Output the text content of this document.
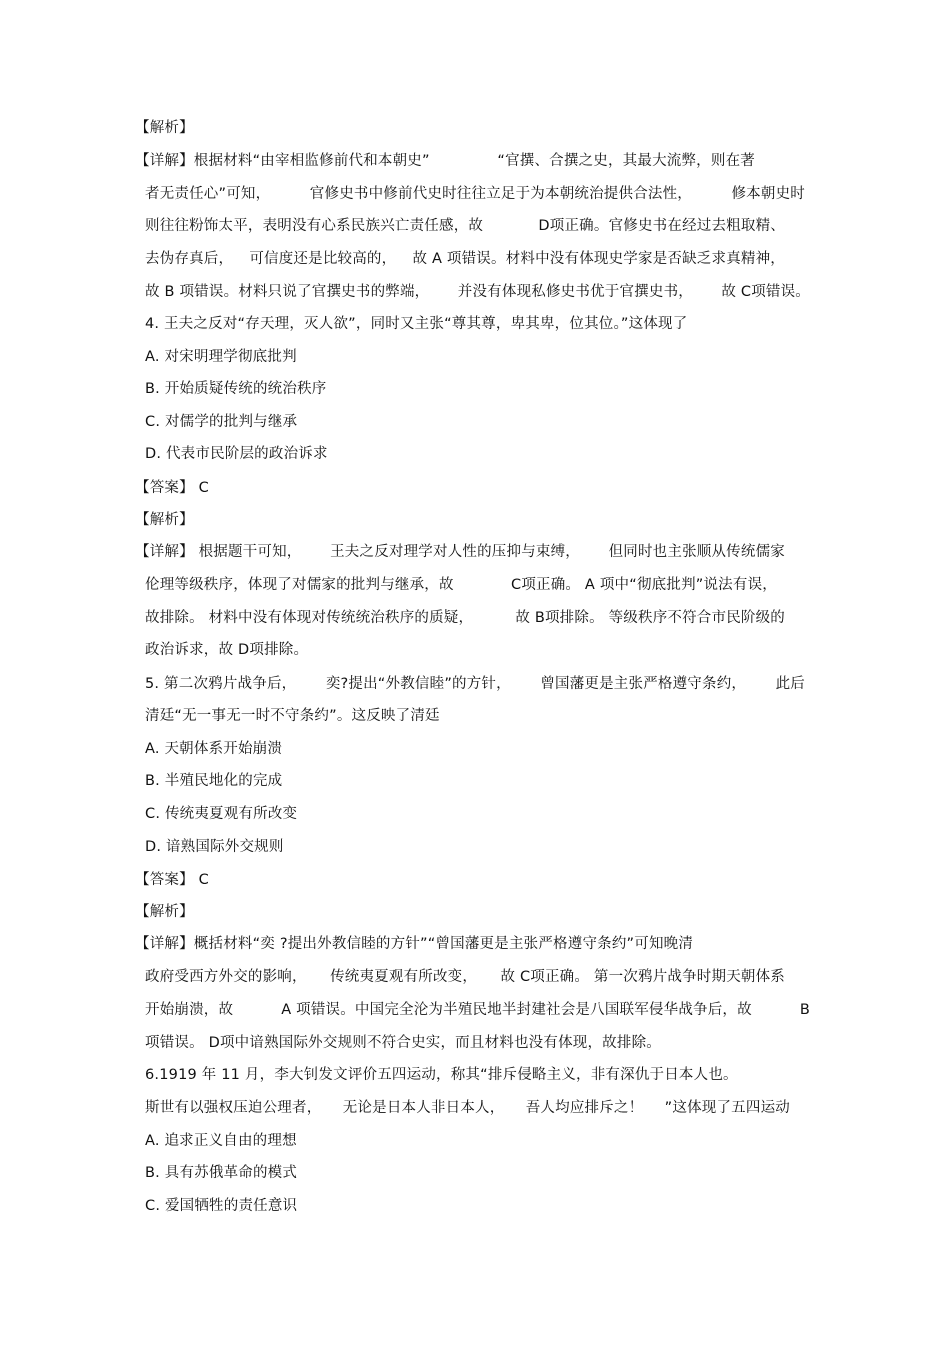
【解析】
【详解】根据材料“由宰相监修前代和本朝史”	“官撰、合撰之史，其最大流弊，则在著
者无责任心”可知，	官修史书中修前代史时往往立足于为本朝统治提供合法性，	修本朝史时
则往往粉饰太平，表明没有心系民族兴亡责任感，故	D项正确。官修史书在经过去粗取精、
去伪存真后， 可信度还是比较高的， 故 A 项错误。材料中没有体现史学家是否缺乏求真精神，
故 B 项错误。材料只说了官撰史书的弊端， 并没有体现私修史书优于官撰史书， 故 C项错误。
4. 王夫之反对“存天理，灭人欲”，同时又主张“尊其尊，卑其卑，位其位。”这体现了
A. 对宋明理学彻底批判
B. 开始质疑传统的统治秩序
C. 对儒学的批判与继承
D. 代表市民阶层的政治诉求
【答案】 C
【解析】
【详解】 根据题干可知， 王夫之反对理学对人性的压抑与束缚， 但同时也主张顺从传统儒家
伦理等级秩序，体现了对儒家的批判与继承，故	C项正确。 A 项中“彻底批判”说法有误，
故排除。 材料中没有体现对传统统治秩序的质疑，	故 B项排除。 等级秩序不符合市民阶级的
政治诉求，故 D项排除。
5. 第二次鸦片战争后， 奕?提出“外教信睦”的方针， 曾国藩更是主张严格遵守条约， 此后
清廷“无一事无一时不守条约”。这反映了清廷
A. 天朝体系开始崩溃
B. 半殖民地化的完成
C. 传统夷夏观有所改变
D. 谙熟国际外交规则
【答案】 C
【解析】
【详解】概括材料“奕 ?提出外教信睦的方针”“曾国藩更是主张严格遵守条约”可知晚清
政府受西方外交的影响， 传统夷夏观有所改变， 故 C项正确。 第一次鸦片战争时期天朝体系
开始崩溃，故	A 项错误。中国完全沦为半殖民地半封建社会是八国联军侵华战争后，故	B
项错误。 D项中谙熟国际外交规则不符合史实，而且材料也没有体现，故排除。
6.1919 年 11 月，李大钊发文评价五四运动，称其“排斥侵略主义，非有深仇于日本人也。
斯世有以强权压迫公理者， 无论是日本人非日本人， 吾人均应排斥之！ ”这体现了五四运动
A. 追求正义自由的理想
B. 具有苏俄革命的模式
C. 爱国牺牲的责任意识
